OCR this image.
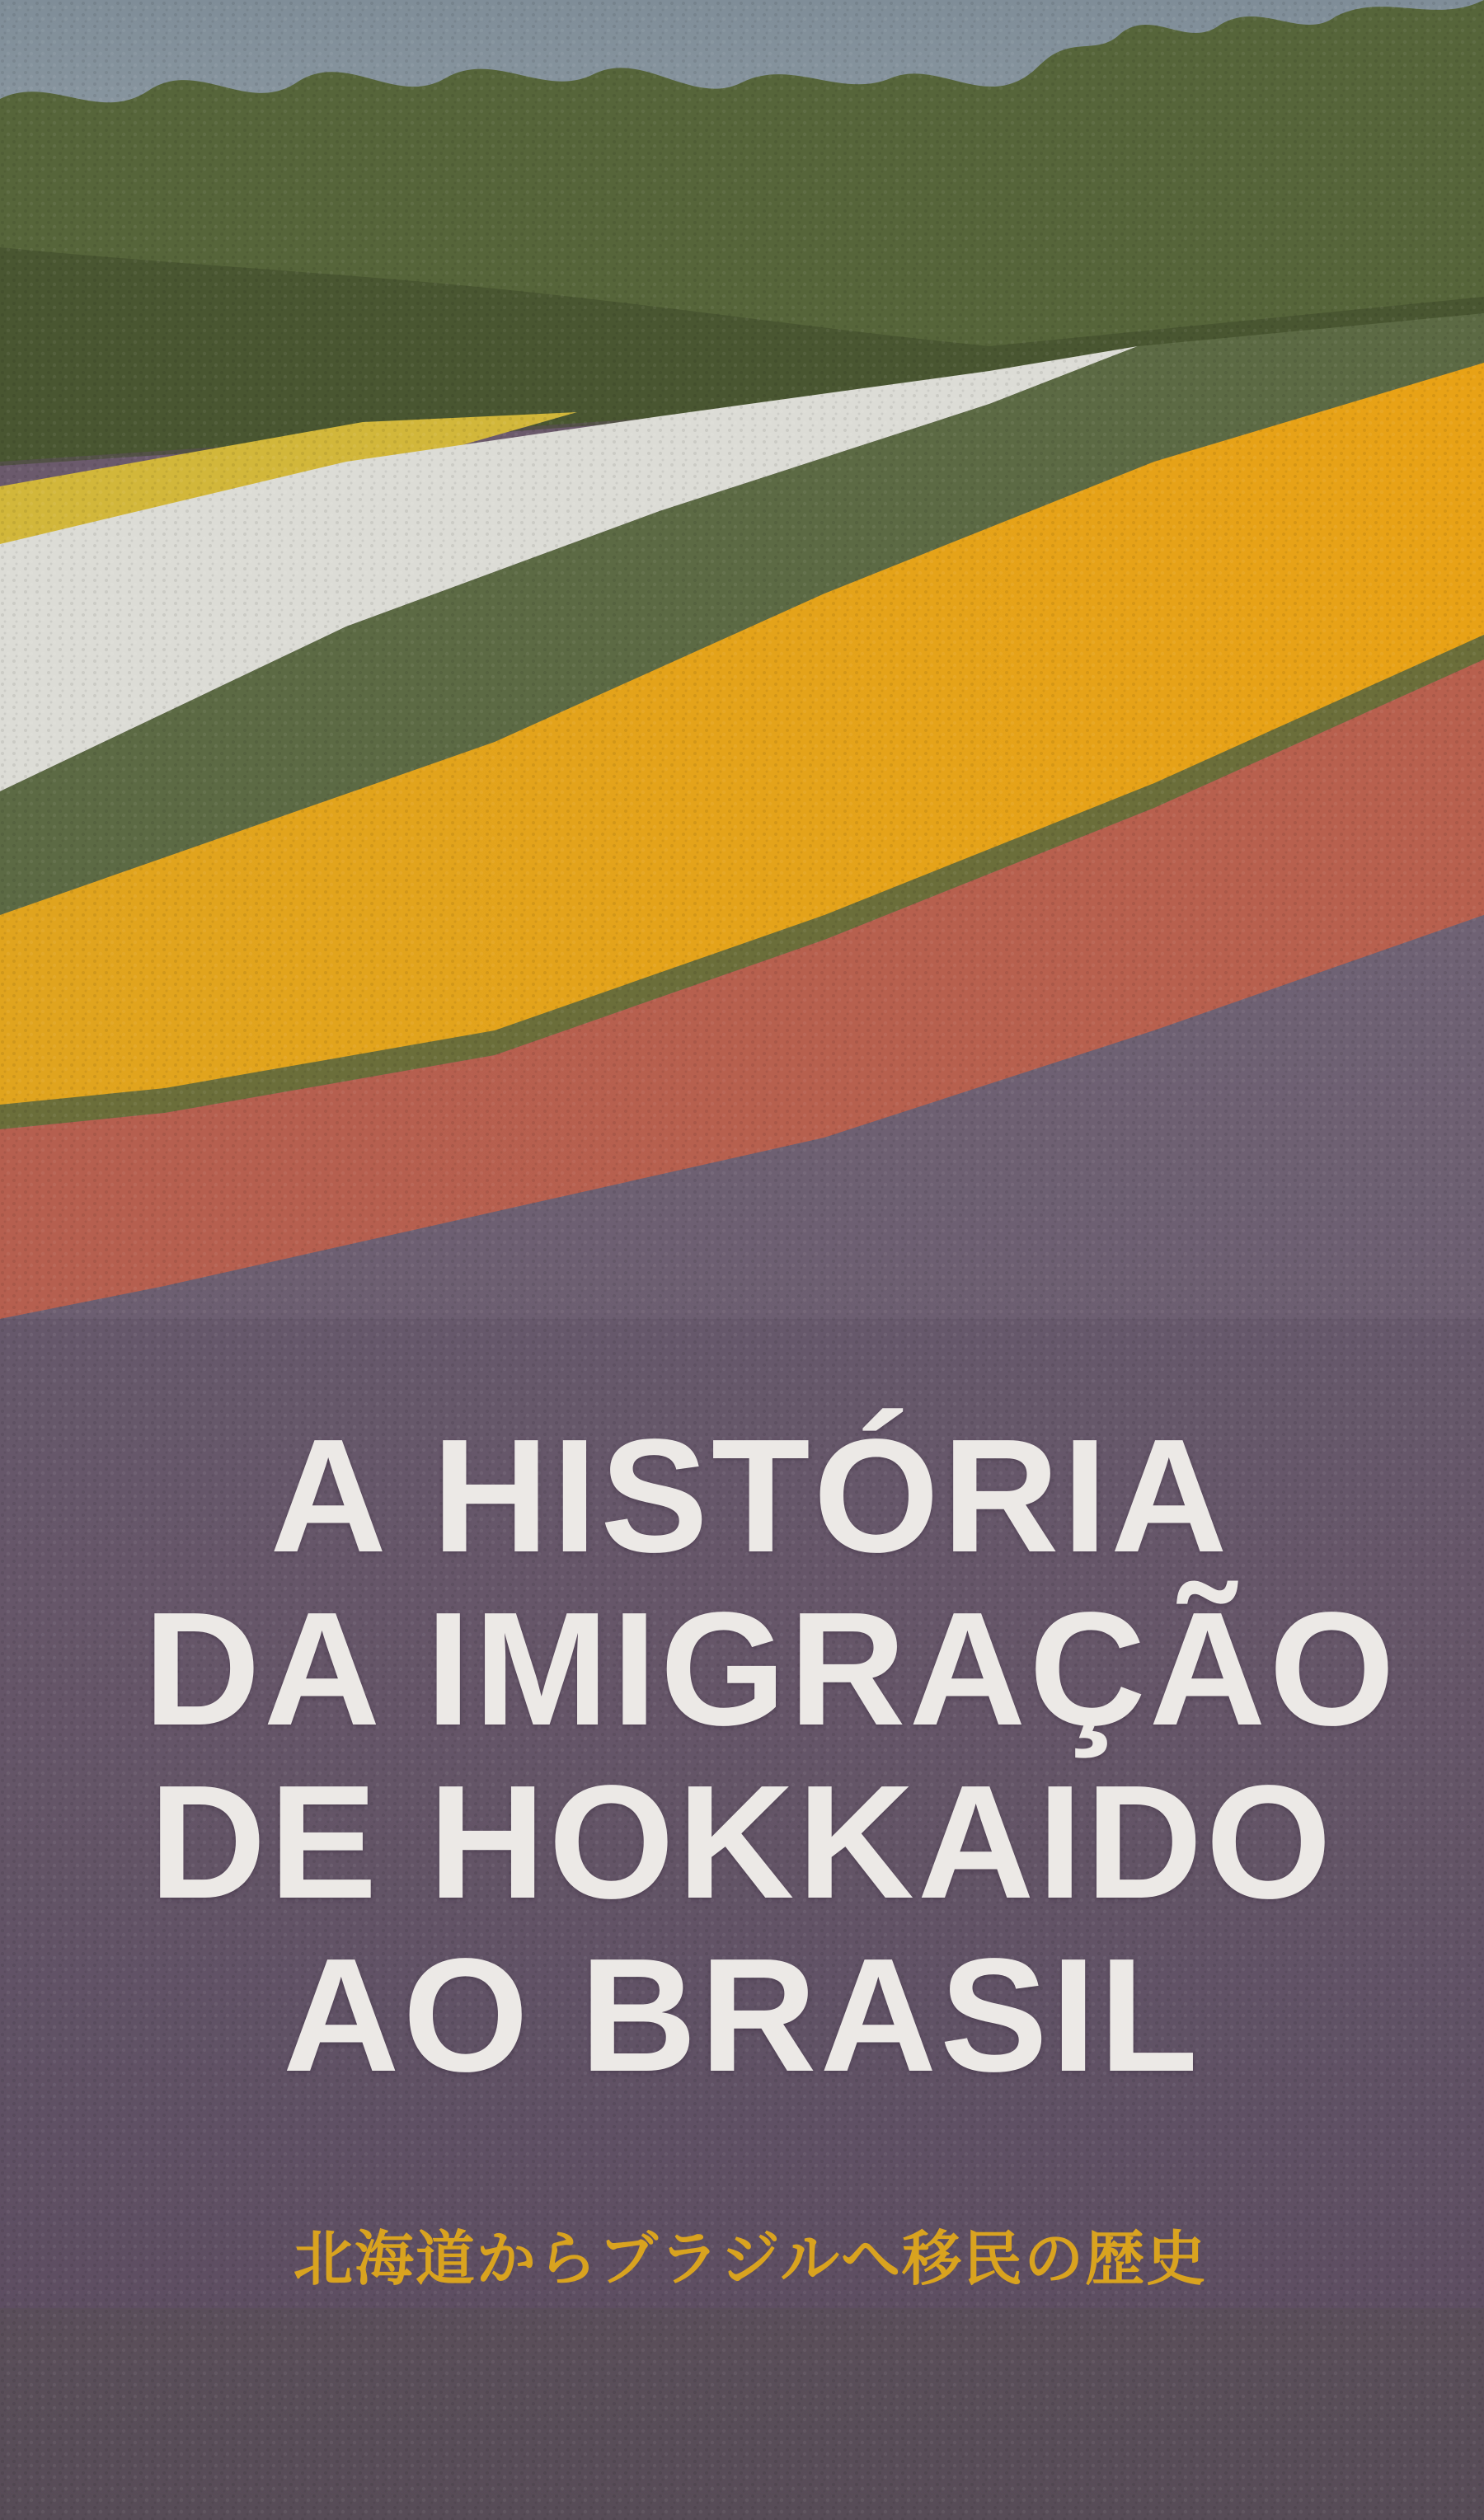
A HISTÓRIA
DA IMIGRAÇÃO
DE HOKKAIDO
AO BRASIL
北海道からブラジルへ移民の歴史
